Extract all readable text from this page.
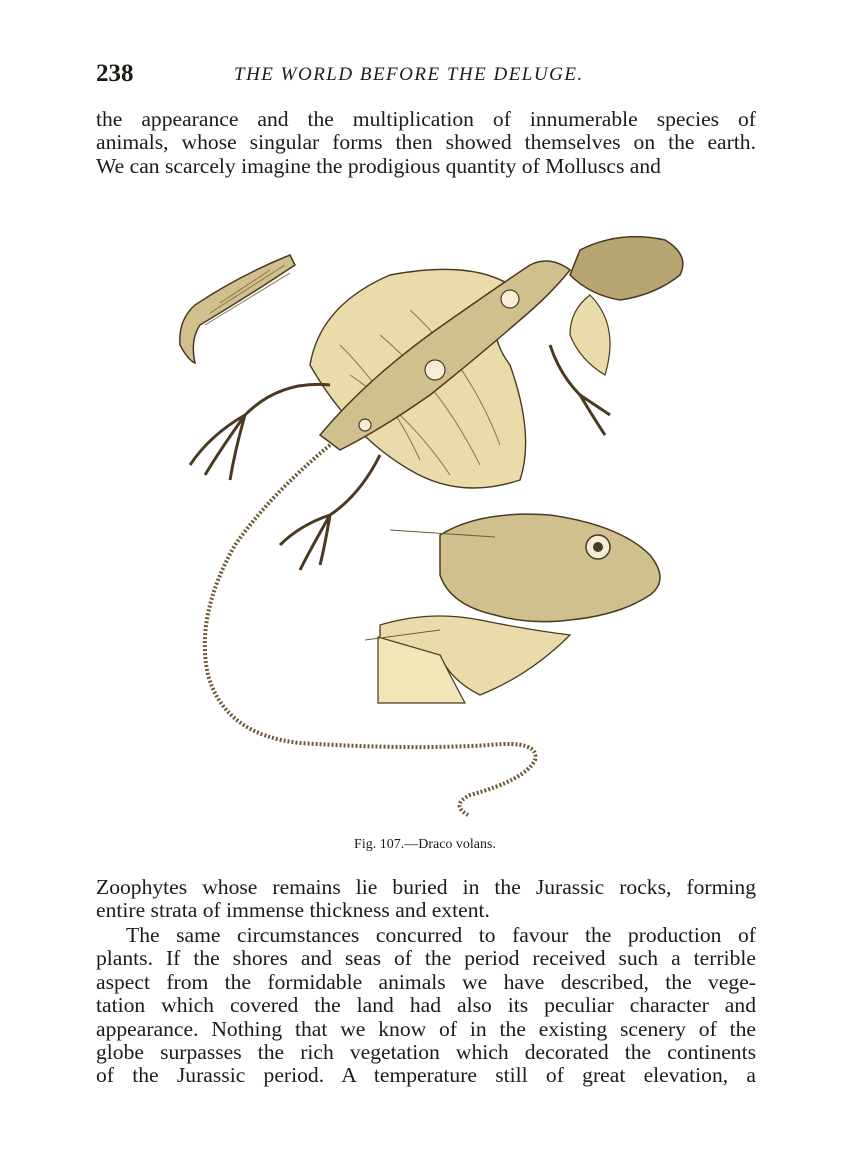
238	THE WORLD BEFORE THE DELUGE.

the appearance and the multiplication of innumerable species of
animals, whose singular forms then showed themselves on the earth.
We can scarcely imagine the prodigious quantity of Molluscs and

Fig. 107.—Draco volans.

Zoophytes whose remains lie buried in the Jurassic rocks, forming
entire strata of immense thickness and extent.

The same circumstances concurred to favour the production of
plants. If the shores and seas of the period received such a terrible
aspect from the formidable animals we have described, the vege-
tation which covered the land had also its peculiar character and
appearance. Nothing that we know of in the existing scenery of the
globe surpasses the rich vegetation which decorated the continents
of the Jurassic period. A temperature still of great elevation, a
